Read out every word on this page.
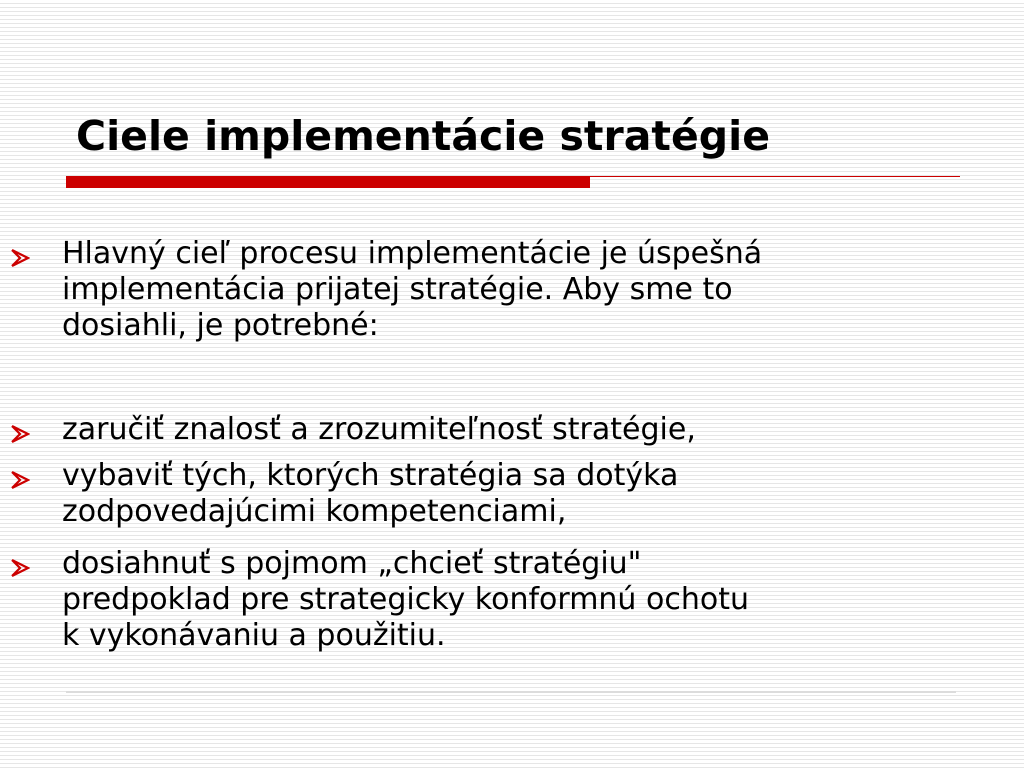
Ciele implementácie stratégie

Hlavný cieľ procesu implementácie je úspešná
implementácia prijatej stratégie. Aby sme to
dosiahli, je potrebné:

zaručiť znalosť a zrozumiteľnosť stratégie,

vybaviť tých, ktorých stratégia sa dotýka
zodpovedajúcimi kompetenciami,

dosiahnuť s pojmom „chcieť stratégiu"
predpoklad pre strategicky konformnú ochotu
k vykonávaniu a použitiu.
